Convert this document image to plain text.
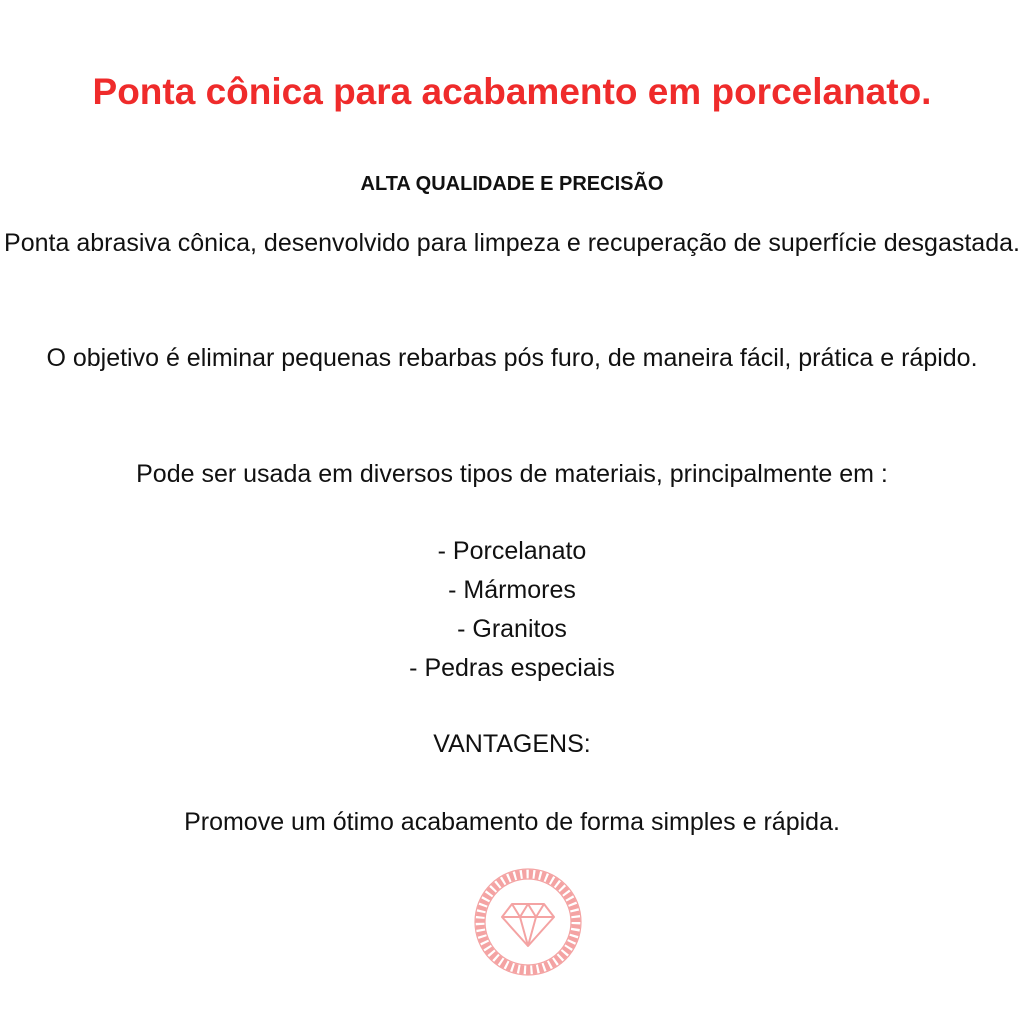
Ponta cônica para acabamento em porcelanato.
ALTA QUALIDADE E PRECISÃO

Ponta abrasiva cônica, desenvolvido para limpeza e recuperação de superfície desgastada.

O objetivo é eliminar pequenas rebarbas pós furo, de maneira fácil, prática e rápido.

Pode ser usada em diversos tipos de materiais, principalmente em :

- Porcelanato
- Mármores
- Granitos
- Pedras especiais

VANTAGENS:

Promove um ótimo acabamento de forma simples e rápida.
